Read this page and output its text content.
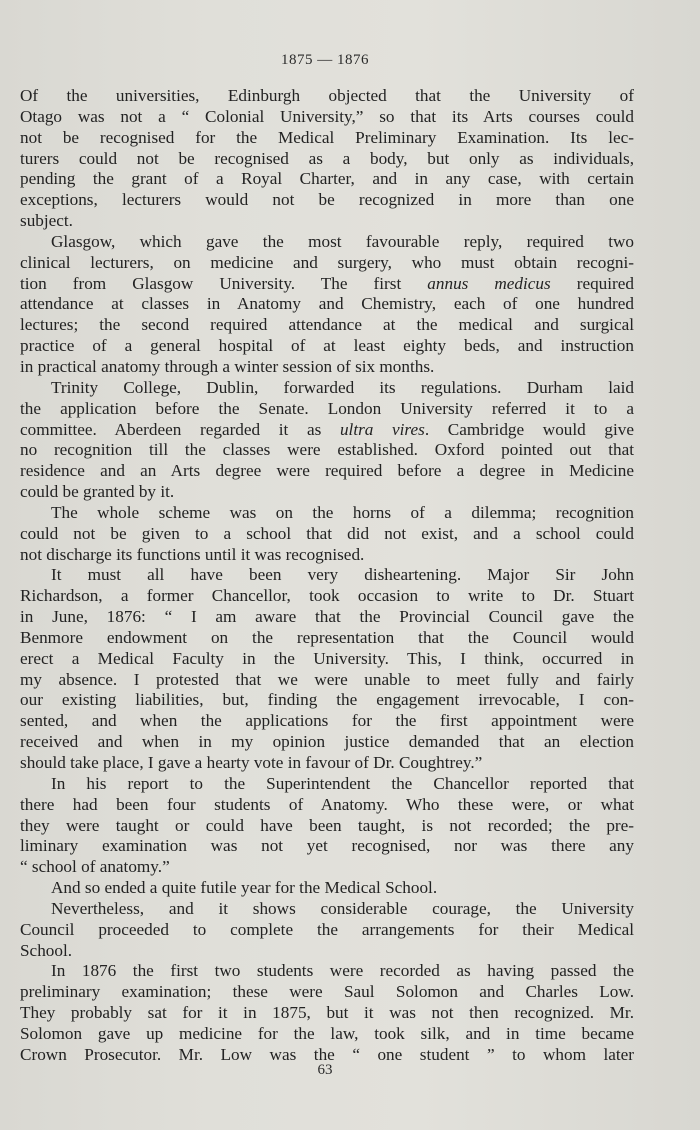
1875 — 1876
Of the universities, Edinburgh objected that the University of
Otago was not a “ Colonial University,” so that its Arts courses could
not be recognised for the Medical Preliminary Examination. Its lec-
turers could not be recognised as a body, but only as individuals,
pending the grant of a Royal Charter, and in any case, with certain
exceptions, lecturers would not be recognized in more than one
subject.
Glasgow, which gave the most favourable reply, required two
clinical lecturers, on medicine and surgery, who must obtain recogni-
tion from Glasgow University. The first annus medicus required
attendance at classes in Anatomy and Chemistry, each of one hundred
lectures; the second required attendance at the medical and surgical
practice of a general hospital of at least eighty beds, and instruction
in practical anatomy through a winter session of six months.
Trinity College, Dublin, forwarded its regulations. Durham laid
the application before the Senate. London University referred it to a
committee. Aberdeen regarded it as ultra vires. Cambridge would give
no recognition till the classes were established. Oxford pointed out that
residence and an Arts degree were required before a degree in Medicine
could be granted by it.
The whole scheme was on the horns of a dilemma; recognition
could not be given to a school that did not exist, and a school could
not discharge its functions until it was recognised.
It must all have been very disheartening. Major Sir John
Richardson, a former Chancellor, took occasion to write to Dr. Stuart
in June, 1876: “ I am aware that the Provincial Council gave the
Benmore endowment on the representation that the Council would
erect a Medical Faculty in the University. This, I think, occurred in
my absence. I protested that we were unable to meet fully and fairly
our existing liabilities, but, finding the engagement irrevocable, I con-
sented, and when the applications for the first appointment were
received and when in my opinion justice demanded that an election
should take place, I gave a hearty vote in favour of Dr. Coughtrey.”
In his report to the Superintendent the Chancellor reported that
there had been four students of Anatomy. Who these were, or what
they were taught or could have been taught, is not recorded; the pre-
liminary examination was not yet recognised, nor was there any
“ school of anatomy.”
And so ended a quite futile year for the Medical School.
Nevertheless, and it shows considerable courage, the University
Council proceeded to complete the arrangements for their Medical
School.
In 1876 the first two students were recorded as having passed the
preliminary examination; these were Saul Solomon and Charles Low.
They probably sat for it in 1875, but it was not then recognized. Mr.
Solomon gave up medicine for the law, took silk, and in time became
Crown Prosecutor. Mr. Low was the “ one student ” to whom later
63
